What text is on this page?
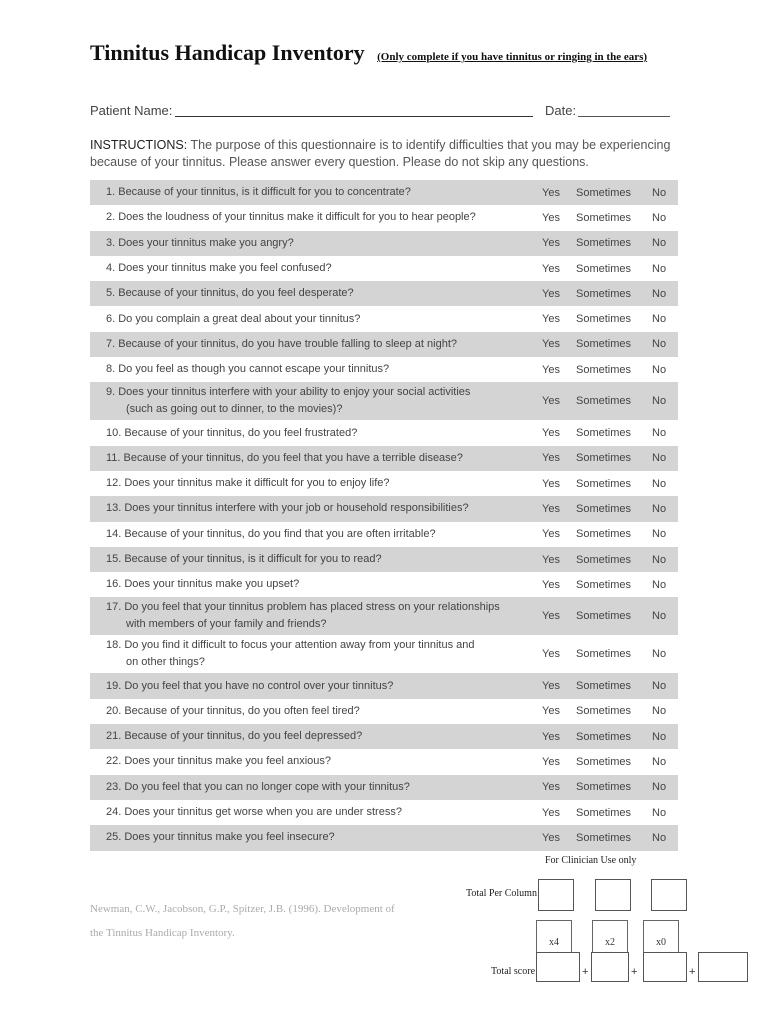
Tinnitus Handicap Inventory (Only complete if you have tinnitus or ringing in the ears)
Patient Name:	Date:
INSTRUCTIONS: The purpose of this questionnaire is to identify difficulties that you may be experiencing because of your tinnitus. Please answer every question. Please do not skip any questions.
1. Because of your tinnitus, is it difficult for you to concentrate?	Yes Sometimes No
2. Does the loudness of your tinnitus make it difficult for you to hear people?	Yes Sometimes No
3. Does your tinnitus make you angry?	Yes Sometimes No
4. Does your tinnitus make you feel confused?	Yes Sometimes No
5. Because of your tinnitus, do you feel desperate?	Yes Sometimes No
6. Do you complain a great deal about your tinnitus?	Yes Sometimes No
7. Because of your tinnitus, do you have trouble falling to sleep at night?	Yes Sometimes No
8. Do you feel as though you cannot escape your tinnitus?	Yes Sometimes No
9. Does your tinnitus interfere with your ability to enjoy your social activities
(such as going out to dinner, to the movies)?
Yes Sometimes No
10. Because of your tinnitus, do you feel frustrated?	Yes Sometimes No
11. Because of your tinnitus, do you feel that you have a terrible disease?	Yes Sometimes No
12. Does your tinnitus make it difficult for you to enjoy life?	Yes Sometimes No
13. Does your tinnitus interfere with your job or household responsibilities?	Yes Sometimes No
14. Because of your tinnitus, do you find that you are often irritable?	Yes Sometimes No
15. Because of your tinnitus, is it difficult for you to read?	Yes Sometimes No
16. Does your tinnitus make you upset?	Yes Sometimes No
17. Do you feel that your tinnitus problem has placed stress on your relationships
with members of your family and friends?
Yes Sometimes No
18. Do you find it difficult to focus your attention away from your tinnitus and
on other things?
Yes Sometimes No
19. Do you feel that you have no control over your tinnitus?	Yes Sometimes No
20. Because of your tinnitus, do you often feel tired?	Yes Sometimes No
21. Because of your tinnitus, do you feel depressed?	Yes Sometimes No
22. Does your tinnitus make you feel anxious?	Yes Sometimes No
23. Do you feel that you can no longer cope with your tinnitus?	Yes Sometimes No
24. Does your tinnitus get worse when you are under stress?	Yes Sometimes No
25. Does your tinnitus make you feel insecure?	Yes Sometimes No
For Clinician Use only
Newman, C.W., Jacobson, G.P., Spitzer, J.B. (1996). Development of
the Tinnitus Handicap Inventory.
Total Per Column
x4	x2	x0
Total score	+	+	+
